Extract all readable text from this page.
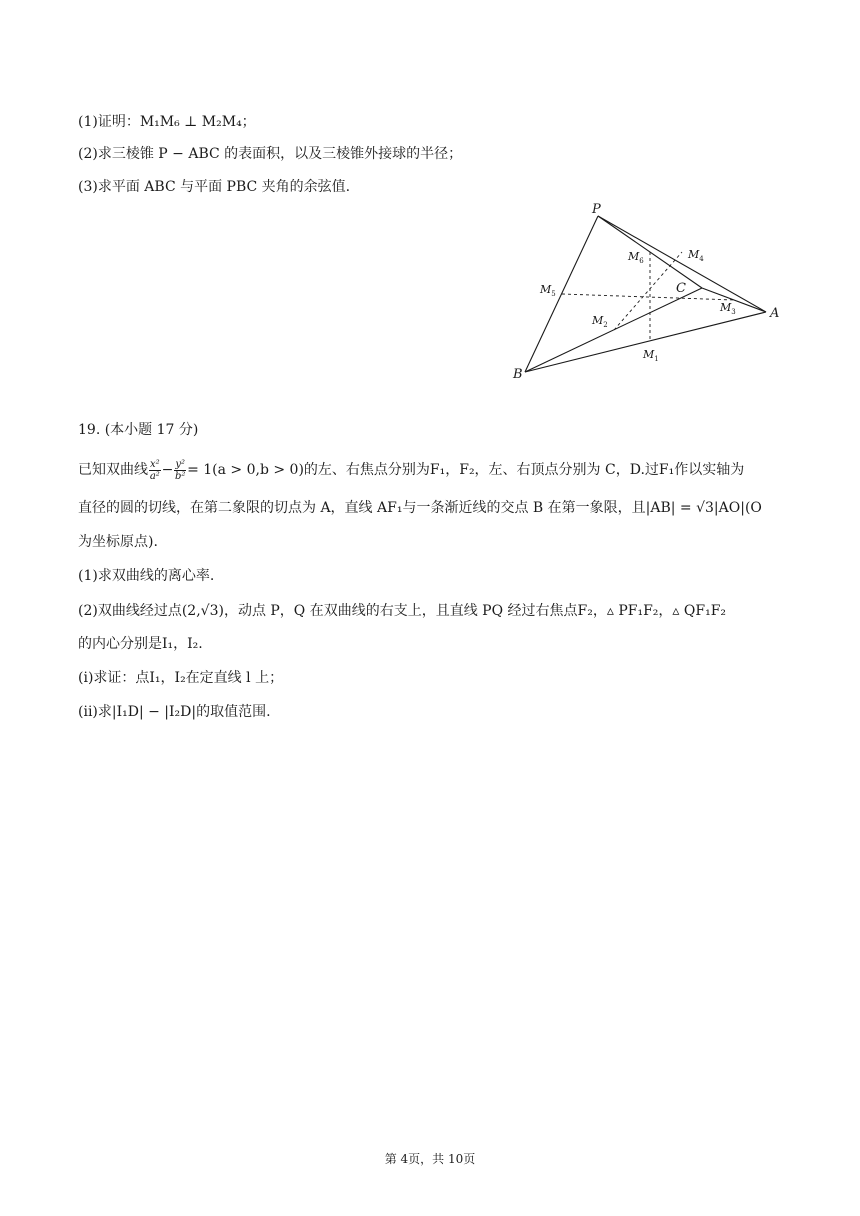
(1)证明：M₁M₆ ⊥ M₂M₄；
(2)求三棱锥 P − ABC 的表面积，以及三棱锥外接球的半径；
(3)求平面 ABC 与平面 PBC 夹角的余弦值.
P
A
B
C
$M_1$
$M_2$
$M_3$
$M_4$
$M_5$
$M_6$
19. (本小题 17 分)
已知双曲线 $\frac{\text{x²}}{\text{a²}} - \frac{\text{y²}}{\text{b²}} = 1(a > 0,b > 0)$的左、右焦点分别为F₁，F₂，左、右顶点分别为 C，D.过F₁作以实轴为
直径的圆的切线，在第二象限的切点为 A，直线 AF₁与一条渐近线的交点 B 在第一象限，且|AB| = √3|AO|(O
为坐标原点).
(1)求双曲线的离心率.
(2)双曲线经过点(2,√3)，动点 P，Q 在双曲线的右支上，且直线 PQ 经过右焦点F₂，▵ PF₁F₂，▵ QF₁F₂
的内心分别是I₁，I₂.
(i)求证：点I₁，I₂在定直线 l 上；
(ii)求|I₁D| − |I₂D|的取值范围.
第 4页，共 10页
